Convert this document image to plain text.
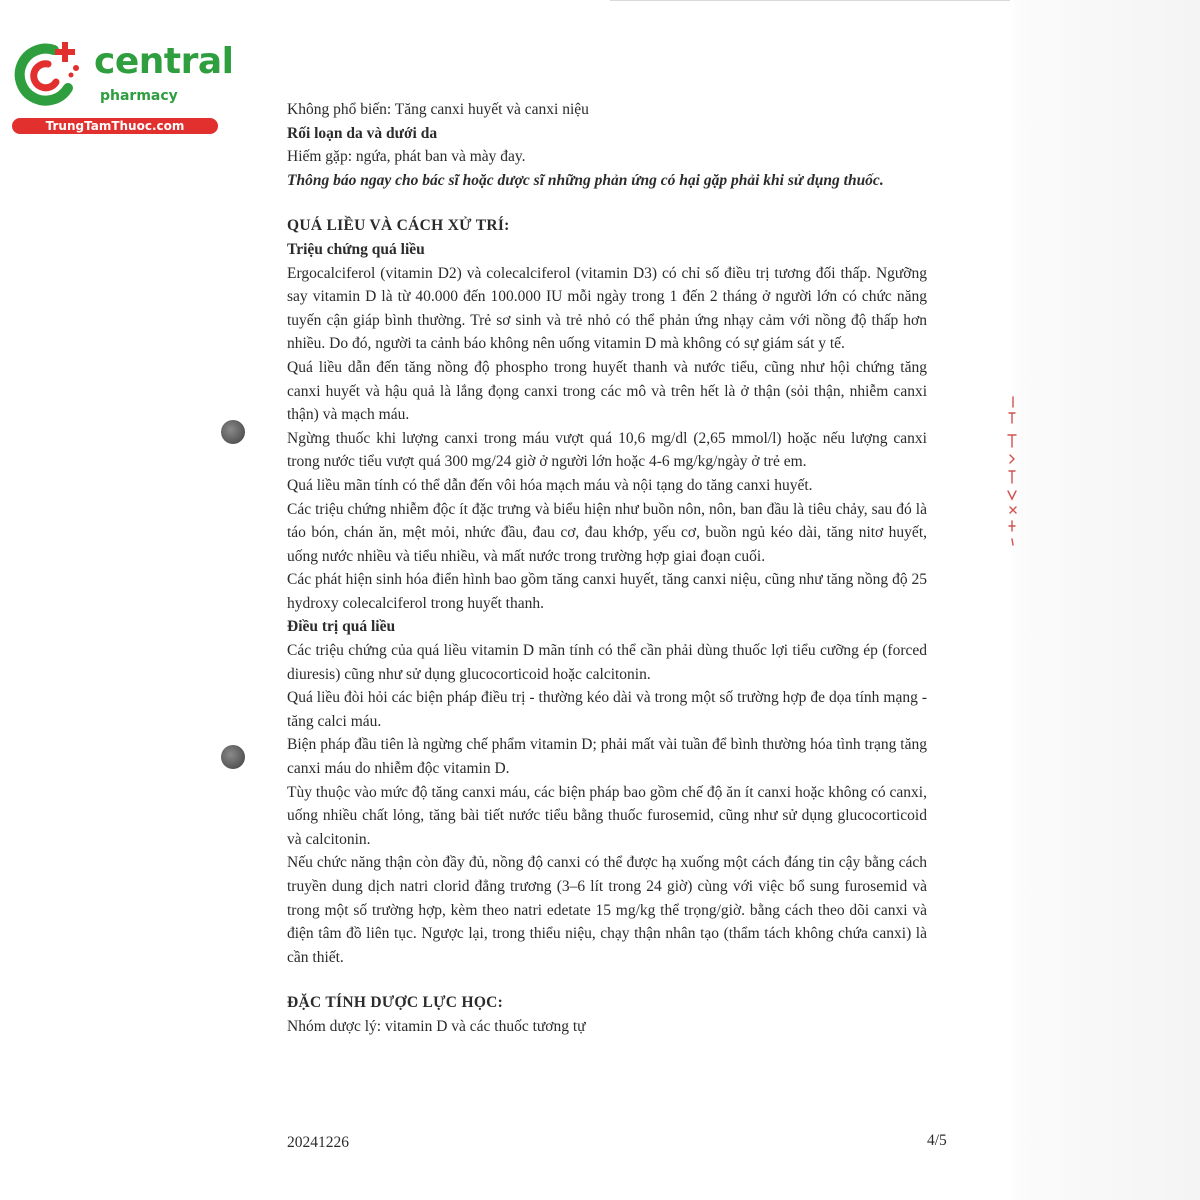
central
pharmacy
TrungTamThuoc.com

Không phổ biến: Tăng canxi huyết và canxi niệu

Rối loạn da và dưới da

Hiếm gặp: ngứa, phát ban và mày đay.

Thông báo ngay cho bác sĩ hoặc dược sĩ những phản ứng có hại gặp phải khi sử dụng thuốc.

QUÁ LIỀU VÀ CÁCH XỬ TRÍ:

Triệu chứng quá liều

Ergocalciferol (vitamin D2) và colecalciferol (vitamin D3) có chỉ số điều trị tương đối thấp. Ngưỡng say vitamin D là từ 40.000 đến 100.000 IU mỗi ngày trong 1 đến 2 tháng ở người lớn có chức năng tuyến cận giáp bình thường. Trẻ sơ sinh và trẻ nhỏ có thể phản ứng nhạy cảm với nồng độ thấp hơn nhiều. Do đó, người ta cảnh báo không nên uống vitamin D mà không có sự giám sát y tế.

Quá liều dẫn đến tăng nồng độ phospho trong huyết thanh và nước tiểu, cũng như hội chứng tăng canxi huyết và hậu quả là lắng đọng canxi trong các mô và trên hết là ở thận (sỏi thận, nhiễm canxi thận) và mạch máu.

Ngừng thuốc khi lượng canxi trong máu vượt quá 10,6 mg/dl (2,65 mmol/l) hoặc nếu lượng canxi trong nước tiểu vượt quá 300 mg/24 giờ ở người lớn hoặc 4-6 mg/kg/ngày ở trẻ em.

Quá liều mãn tính có thể dẫn đến vôi hóa mạch máu và nội tạng do tăng canxi huyết.

Các triệu chứng nhiễm độc ít đặc trưng và biểu hiện như buồn nôn, nôn, ban đầu là tiêu chảy, sau đó là táo bón, chán ăn, mệt mỏi, nhức đầu, đau cơ, đau khớp, yếu cơ, buồn ngủ kéo dài, tăng nitơ huyết, uống nước nhiều và tiểu nhiều, và mất nước trong trường hợp giai đoạn cuối.

Các phát hiện sinh hóa điển hình bao gồm tăng canxi huyết, tăng canxi niệu, cũng như tăng nồng độ 25 hydroxy colecalciferol trong huyết thanh.

Điều trị quá liều

Các triệu chứng của quá liều vitamin D mãn tính có thể cần phải dùng thuốc lợi tiểu cưỡng ép (forced diuresis) cũng như sử dụng glucocorticoid hoặc calcitonin.

Quá liều đòi hỏi các biện pháp điều trị - thường kéo dài và trong một số trường hợp đe dọa tính mạng - tăng calci máu.

Biện pháp đầu tiên là ngừng chế phẩm vitamin D; phải mất vài tuần để bình thường hóa tình trạng tăng canxi máu do nhiễm độc vitamin D.

Tùy thuộc vào mức độ tăng canxi máu, các biện pháp bao gồm chế độ ăn ít canxi hoặc không có canxi, uống nhiều chất lỏng, tăng bài tiết nước tiểu bằng thuốc furosemid, cũng như sử dụng glucocorticoid và calcitonin.

Nếu chức năng thận còn đầy đủ, nồng độ canxi có thể được hạ xuống một cách đáng tin cậy bằng cách truyền dung dịch natri clorid đẳng trương (3–6 lít trong 24 giờ) cùng với việc bổ sung furosemid và trong một số trường hợp, kèm theo natri edetate 15 mg/kg thể trọng/giờ. bằng cách theo dõi canxi và điện tâm đồ liên tục. Ngược lại, trong thiểu niệu, chạy thận nhân tạo (thẩm tách không chứa canxi) là cần thiết.

ĐẶC TÍNH DƯỢC LỰC HỌC:

Nhóm dược lý: vitamin D và các thuốc tương tự

20241226	4/5
